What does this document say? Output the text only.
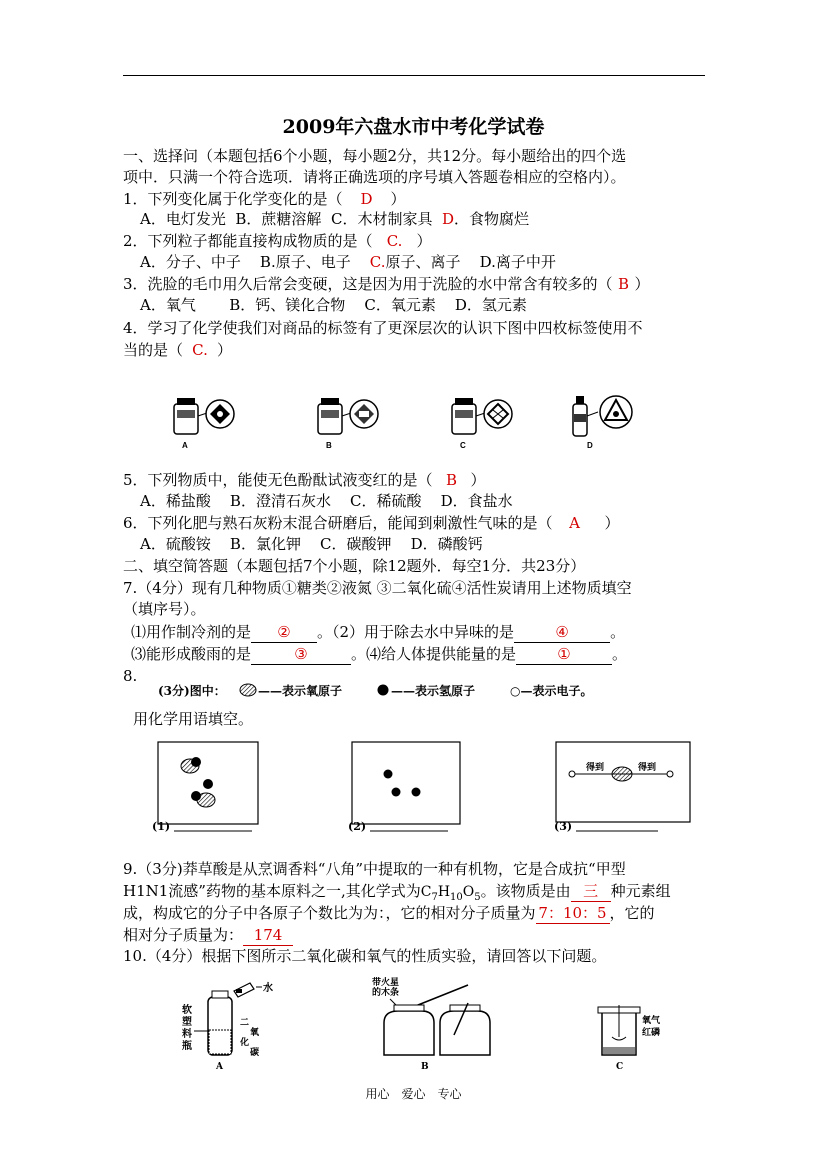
2009年六盘水市中考化学试卷
一、选择问（本题包括6个小题，每小题2分，共12分。每小题给出的四个选
项中．只满一个符合选项．请将正确选项的序号填入答题卷相应的空格内）。
1．下列变化属于化学变化的是（ D ）
A．电灯发光 B．蔗糖溶解 C．木材制家具 D．食物腐烂
2．下列粒子都能直接构成物质的是（ C. ）
A．分子、中子 B.原子、电子 C.原子、离子 D.离子中开
3．洗脸的毛巾用久后常会变硬，这是因为用于洗脸的水中常含有较多的（ B ）
A．氧气 B．钙、镁化合物 C．氧元素 D．氢元素
4．学习了化学使我们对商品的标签有了更深层次的认识下图中四枚标签使用不
当的是（ C. ）
A	B	C	D
5．下列物质中，能使无色酚酞试液变红的是（ B ）
A．稀盐酸 B．澄清石灰水 C．稀硫酸 D．食盐水
6．下列化肥与熟石灰粉末混合研磨后，能闻到刺激性气味的是（ A ）
A．硫酸铵 B．氯化钾 C．碳酸钾 D．磷酸钙
二、填空简答题（本题包括7个小题，除12题外．每空1分．共23分）
7.（4分）现有几种物质①糖类②液氮 ③二氧化硫④活性炭请用上述物质填空
（填序号）。
⑴用作制冷剂的是 ② 。（2）用于除去水中异味的是	④	。
⑶能形成酸雨的是	③	。⑷给人体提供能量的是	①	。
8.
(3分)图中：	——表示氧原子	——表示氢原子	○—表示电子。
用化学用语填空。
得到	得到
(1)	(2)	(3)
9.（3分)莽草酸是从烹调香料“八角”中提取的一种有机物，它是合成抗“甲型
H1N1流感”药物的基本原料之一,其化学式为$C_7H_{10}O_5$。该物质是由 三 种元素组
成，构成它的分子中各原子个数比为为：，它的相对分子质量为 7：10：5 ，它的
相对分子质量为： 174
10.（4分）根据下图所示二氧化碳和氧气的性质实验，请回答以下问题。
水
软
塑
料
瓶
二
氧
化
碳
A
带火星
的木条
B
氧气
红磷
C
用心　爱心　专心
